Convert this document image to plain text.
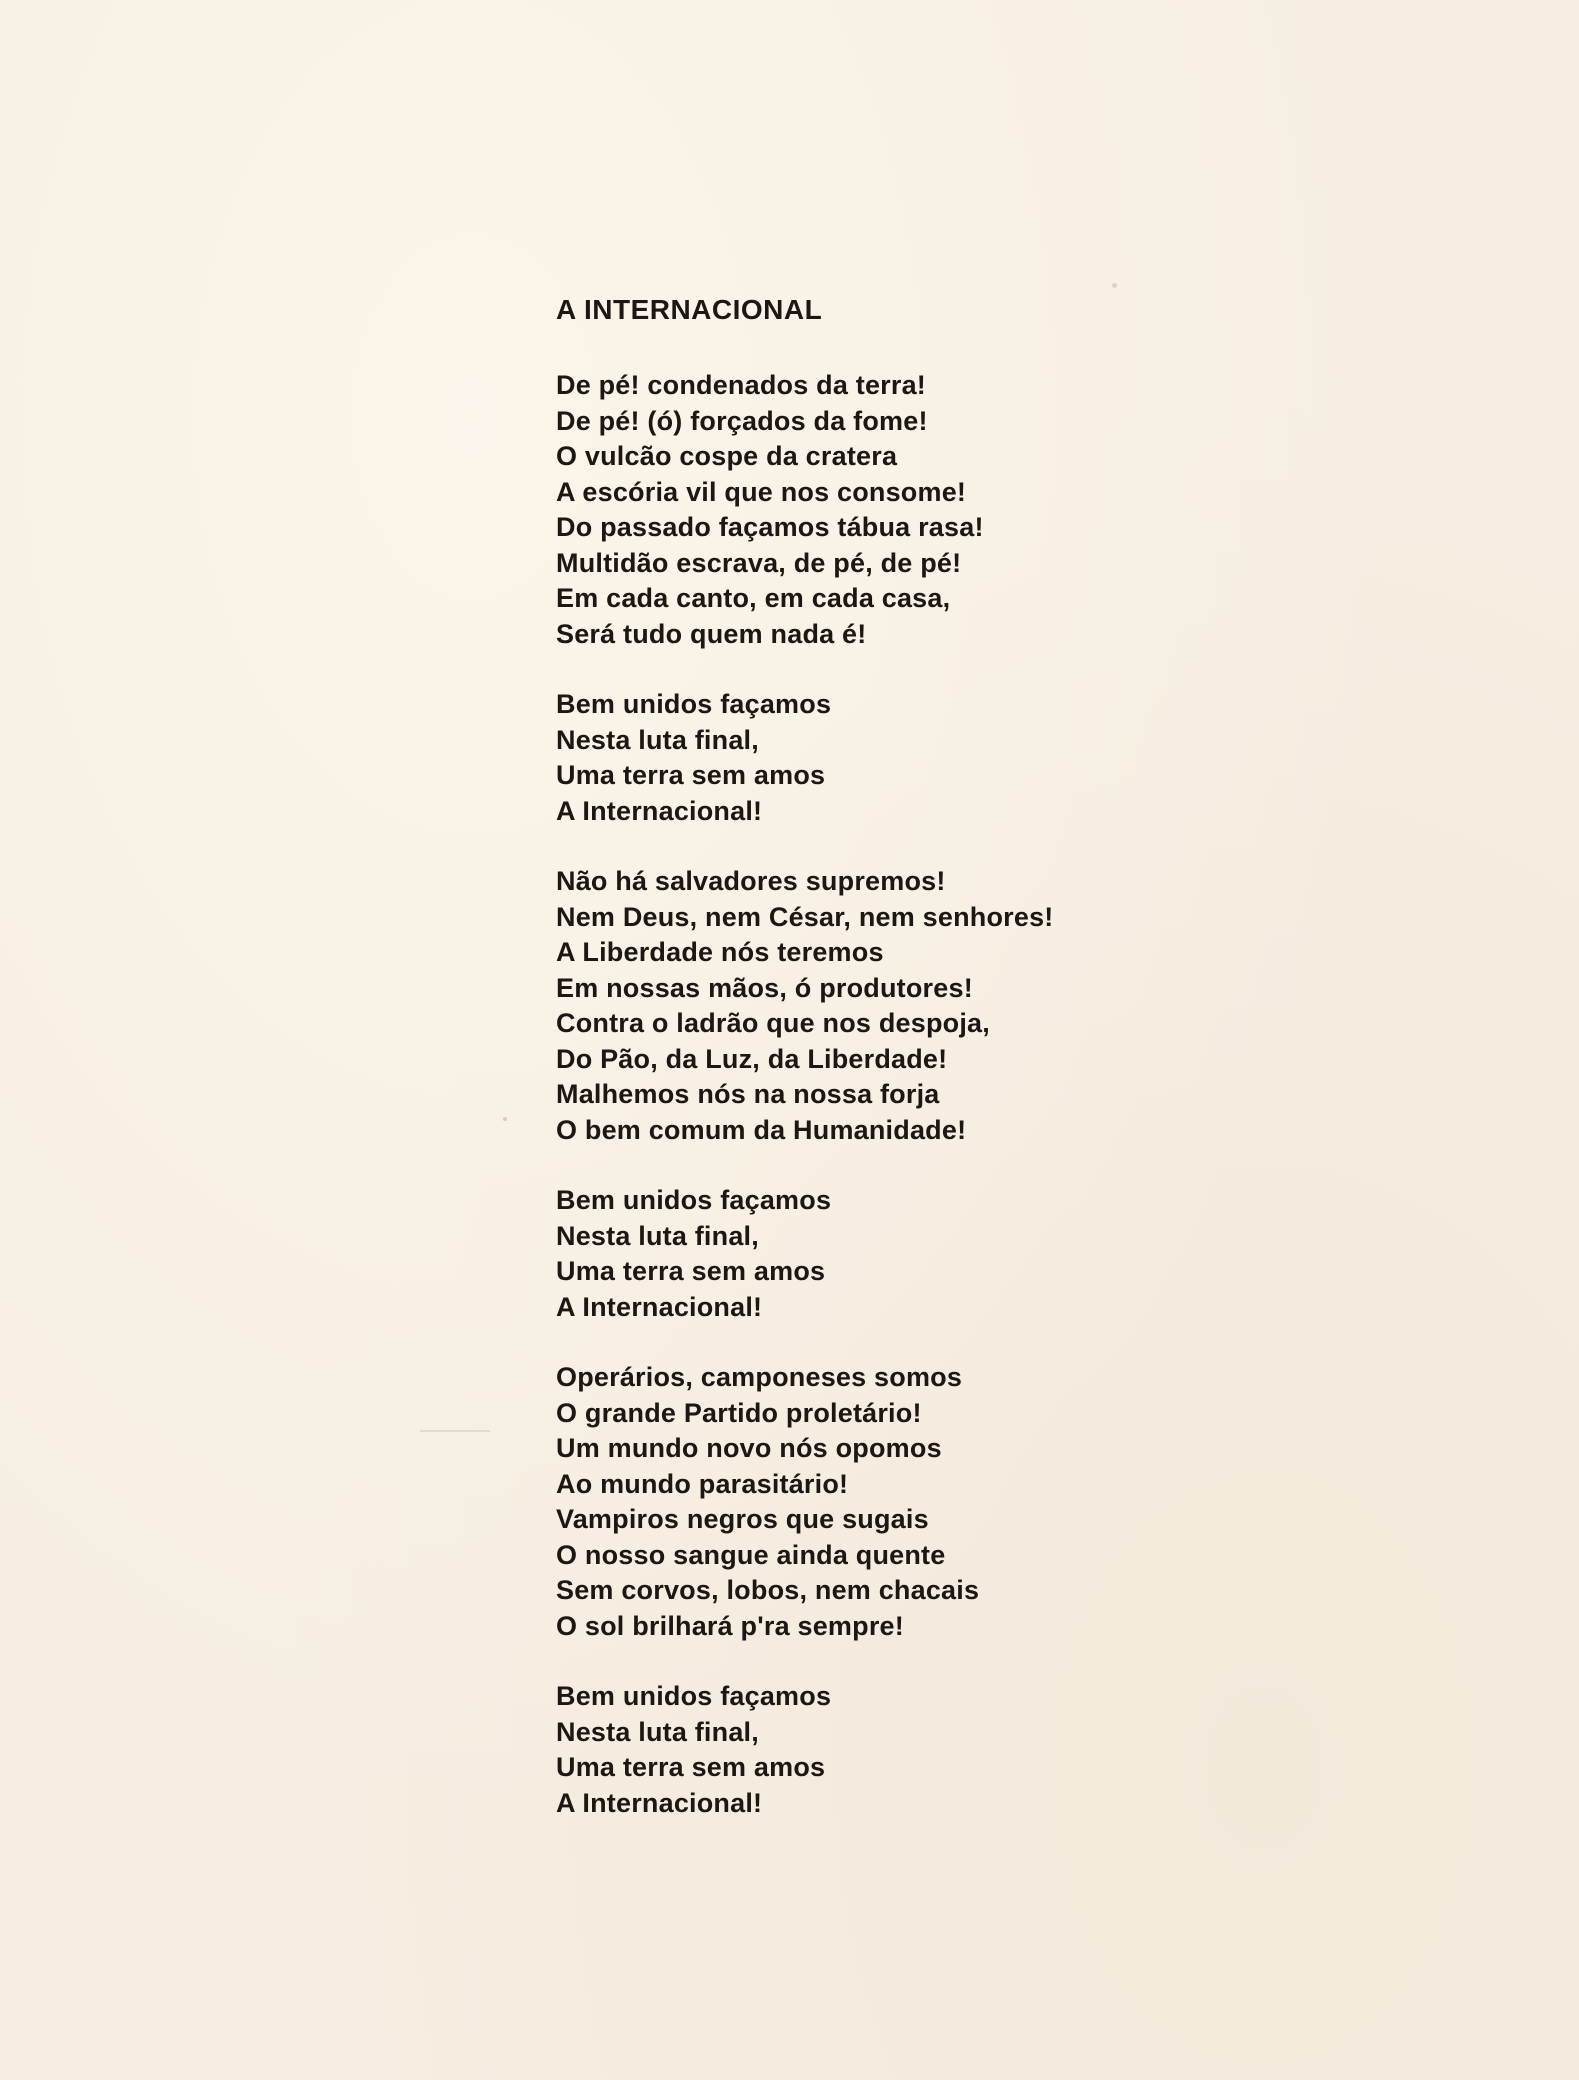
A INTERNACIONAL
De pé! condenados da terra!
De pé! (ó) forçados da fome!
O vulcão cospe da cratera
A escória vil que nos consome!
Do passado façamos tábua rasa!
Multidão escrava, de pé, de pé!
Em cada canto, em cada casa,
Será tudo quem nada é!
Bem unidos façamos
Nesta luta final,
Uma terra sem amos
A Internacional!
Não há salvadores supremos!
Nem Deus, nem César, nem senhores!
A Liberdade nós teremos
Em nossas mãos, ó produtores!
Contra o ladrão que nos despoja,
Do Pão, da Luz, da Liberdade!
Malhemos nós na nossa forja
O bem comum da Humanidade!
Bem unidos façamos
Nesta luta final,
Uma terra sem amos
A Internacional!
Operários, camponeses somos
O grande Partido proletário!
Um mundo novo nós opomos
Ao mundo parasitário!
Vampiros negros que sugais
O nosso sangue ainda quente
Sem corvos, lobos, nem chacais
O sol brilhará p'ra sempre!
Bem unidos façamos
Nesta luta final,
Uma terra sem amos
A Internacional!
